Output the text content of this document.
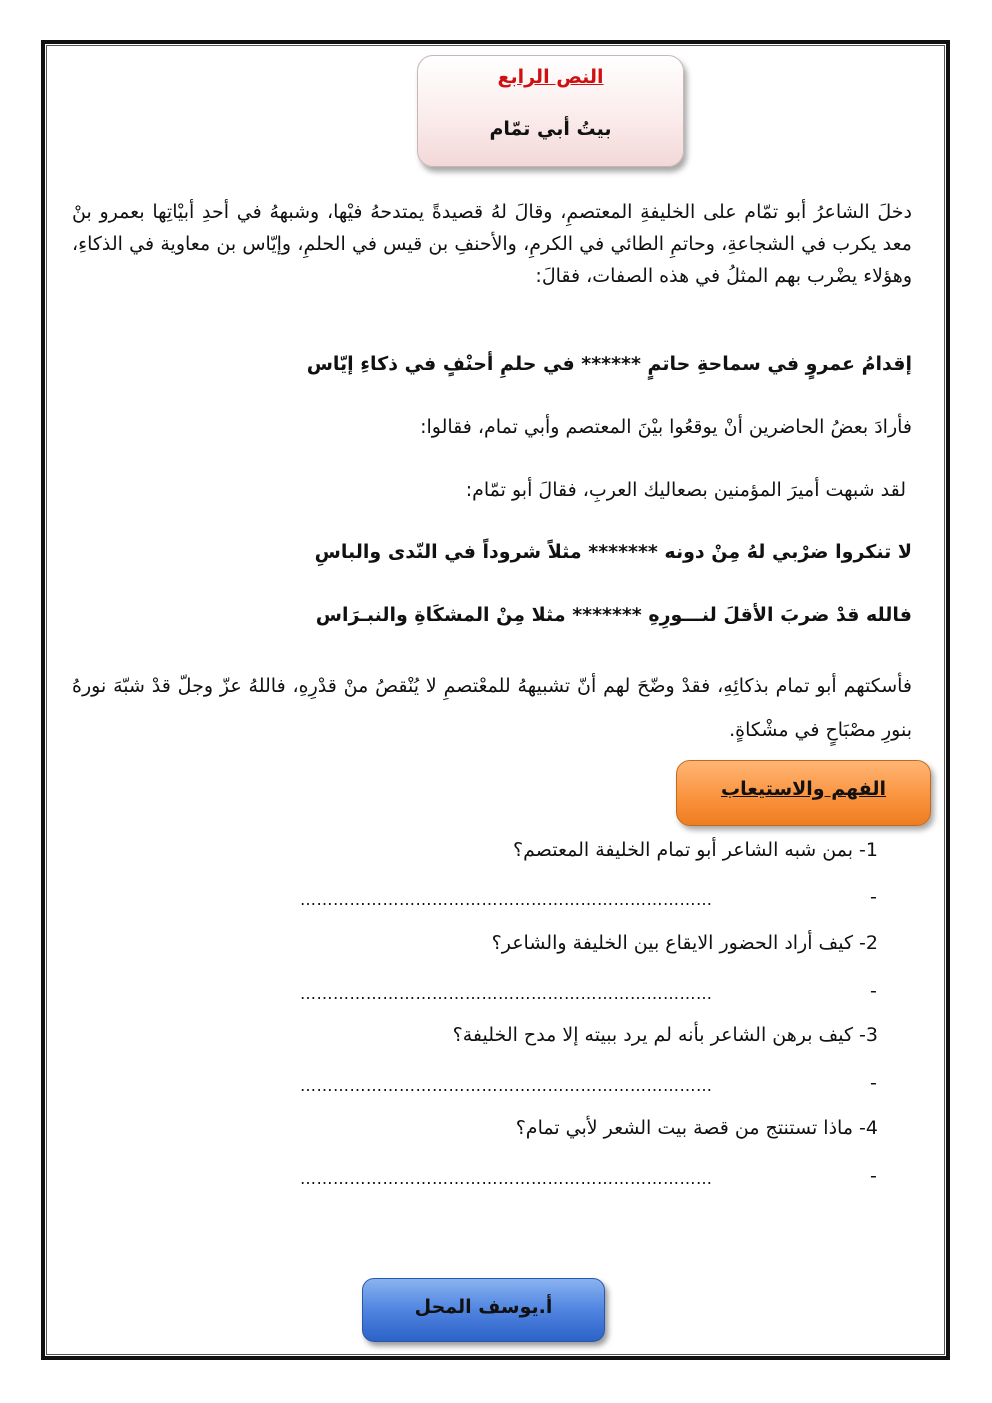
النص الرابع
بيتُ أبي تمّام
دخلَ الشاعرُ أبو تمّام على الخليفةِ المعتصمِ، وقالَ لهُ قصيدةً يمتدحهُ فيْها، وشبههُ في أحدِ أبيْاتِها بعمرو بنْ معد يكرب في الشجاعةِ، وحاتمِ الطائي في الكرمِ، والأحنفِ بن قيس في الحلمِ، وإيّاس بن معاوية في الذكاءِ، وهؤلاء يضْرب بهم المثلُ في هذه الصفات، فقالَ:
إقدامُ عمروٍ في سماحةِ حاتمٍ ****** في حلمِ أحنْفٍ في ذكاءِ إيّاس
فأرادَ بعضُ الحاضرين أنْ يوقعُوا بيْنَ المعتصم وأبي تمام، فقالوا:
لقد شبهت أميرَ المؤمنين بصعاليك العربِ، فقالَ أبو تمّام:
لا تنكروا ضرْبي لهُ مِنْ دونه ******* مثلاً شروداً في النّدى والباسِ
فالله قدْ ضربَ الأقلَ لنـــورِهِ ******* مثلا مِنْ المشكَاةِ والنبـرَاس
فأسكتهم أبو تمام بذكائِهِ، فقدْ وضّحَ لهم أنّ تشبيههُ للمعْتصمِ لا يُنْقصُ منْ قدْرِهِ، فاللهُ عزّ وجلّ قدْ شبّهَ نورهُ بنورِ مصْبَاحٍ في مشْكاةٍ.
الفهم والاستيعاب
1- بمن شبه الشاعر أبو تمام الخليفة المعتصم؟
-
…………………………………………………………………
2- كيف أراد الحضور الايقاع بين الخليفة والشاعر؟
-
…………………………………………………………………
3- كيف برهن الشاعر بأنه لم يرد ببيته إلا مدح الخليفة؟
-
…………………………………………………………………
4- ماذا تستنتج من قصة بيت الشعر لأبي تمام؟
-
…………………………………………………………………
أ.يوسف المحل
